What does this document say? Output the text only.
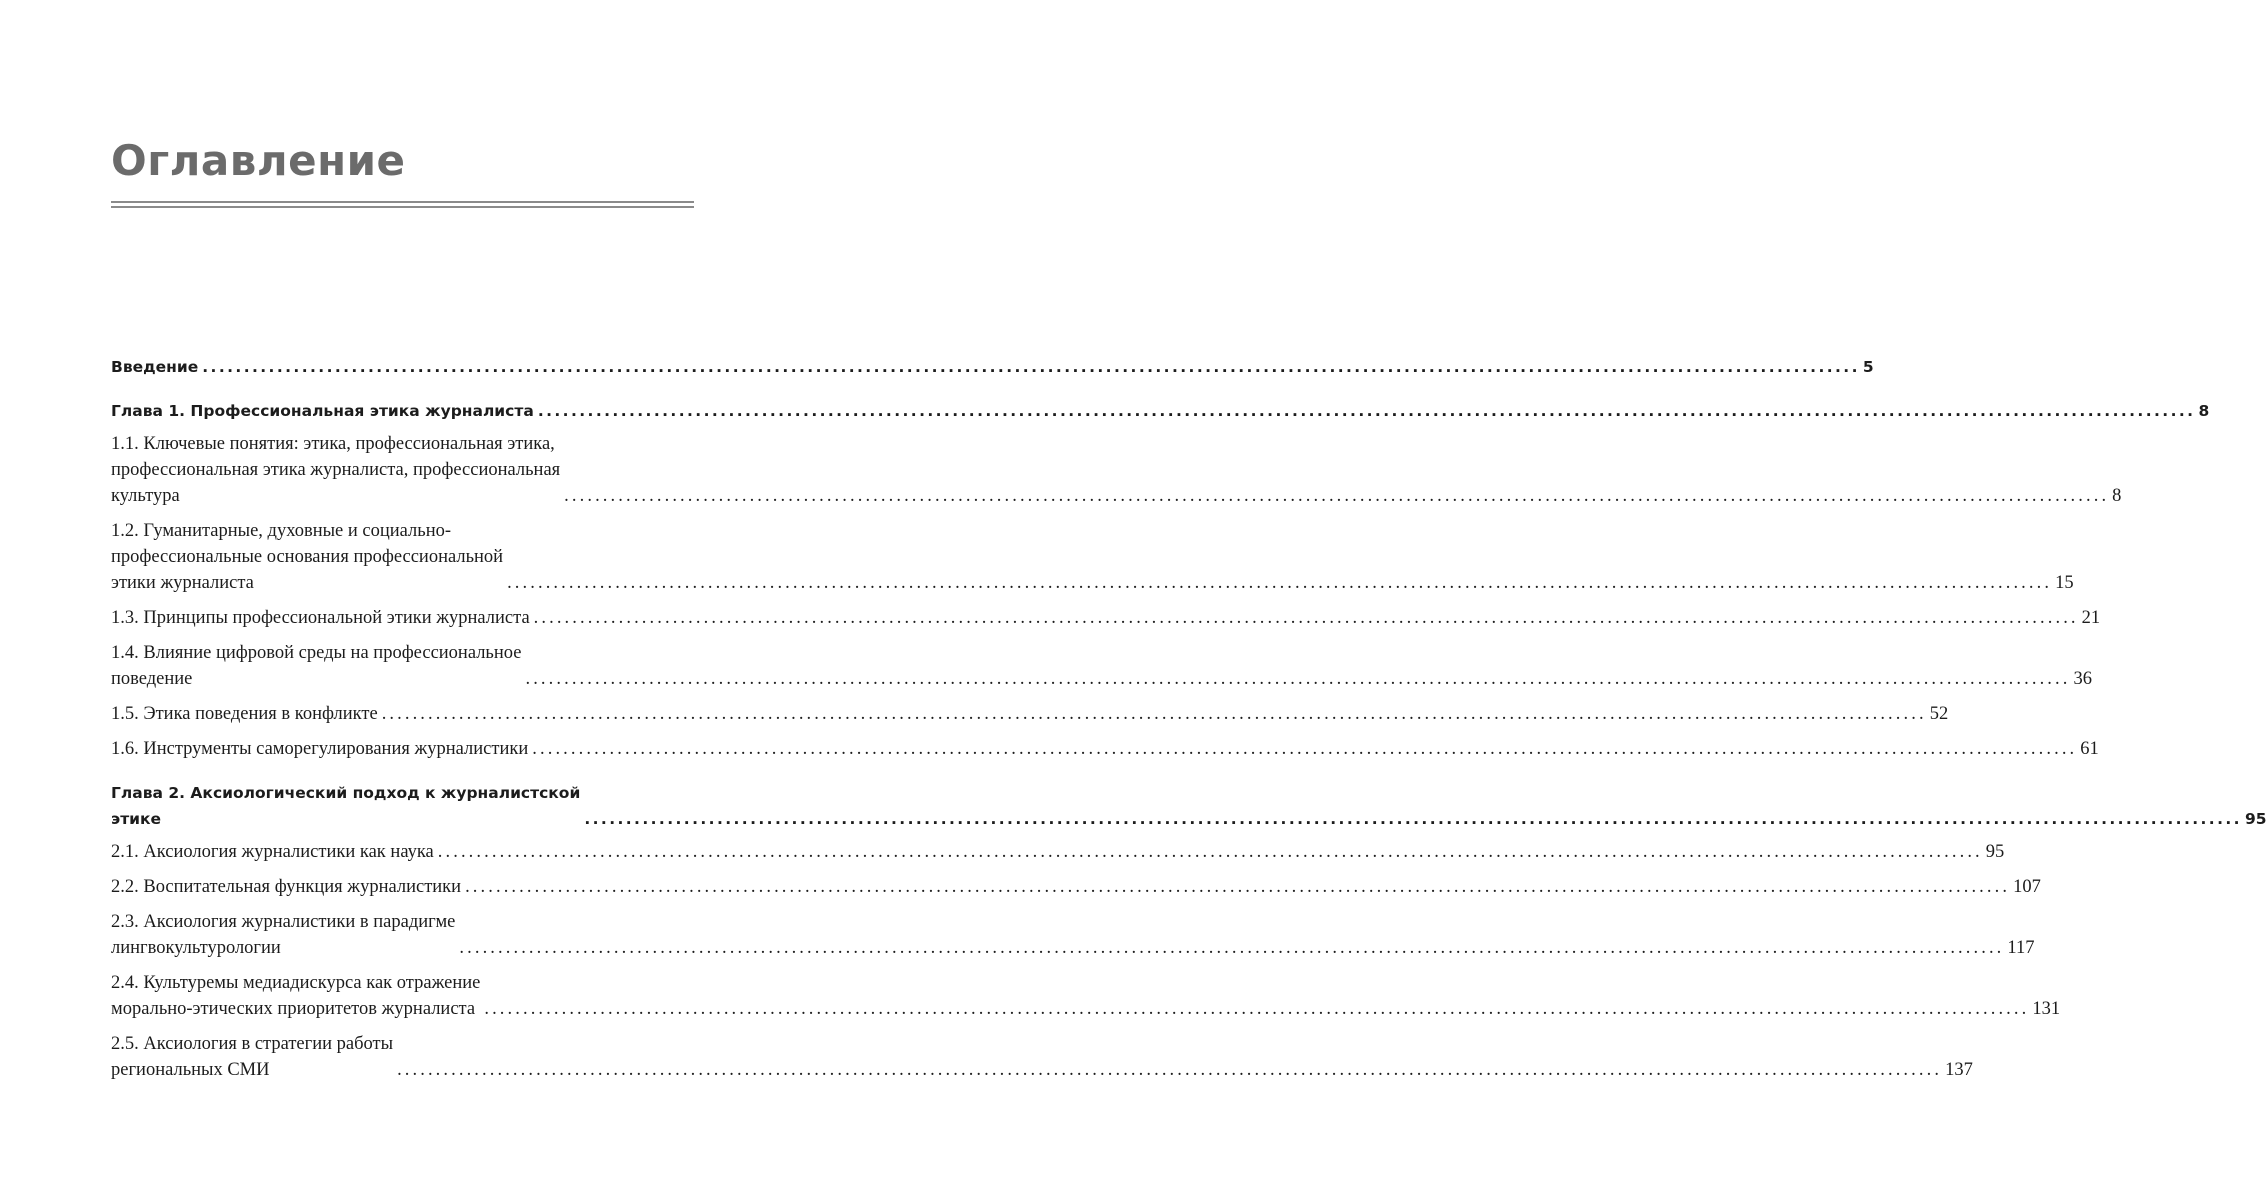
Оглавление
Введение ........................................................................................................................................................................................................ 5
Глава 1. Профессиональная этика журналиста ........................................................................................................................................................................................................ 8
1.1. Ключевые понятия: этика, профессиональная этика,
профессиональная этика журналиста, профессиональная
культура	........................................................................................................................................................................................................ 8
1.2. Гуманитарные, духовные и социально-
профессиональные основания профессиональной
этики журналиста	........................................................................................................................................................................................................ 15
1.3. Принципы профессиональной этики журналиста ........................................................................................................................................................................................................ 21
1.4. Влияние цифровой среды на профессиональное
поведение	........................................................................................................................................................................................................ 36
1.5. Этика поведения в конфликте ........................................................................................................................................................................................................ 52
1.6. Инструменты саморегулирования журналистики ........................................................................................................................................................................................................ 61
Глава 2. Аксиологический подход к журналистской
этике	........................................................................................................................................................................................................ 95
2.1. Аксиология журналистики как наука ........................................................................................................................................................................................................ 95
2.2. Воспитательная функция журналистики ........................................................................................................................................................................................................ 107
2.3. Аксиология журналистики в парадигме
лингвокультурологии	........................................................................................................................................................................................................ 117
2.4. Культуремы медиадискурса как отражение
морально-этических приоритетов журналиста ........................................................................................................................................................................................................ 131
2.5. Аксиология в стратегии работы
региональных СМИ	........................................................................................................................................................................................................ 137
